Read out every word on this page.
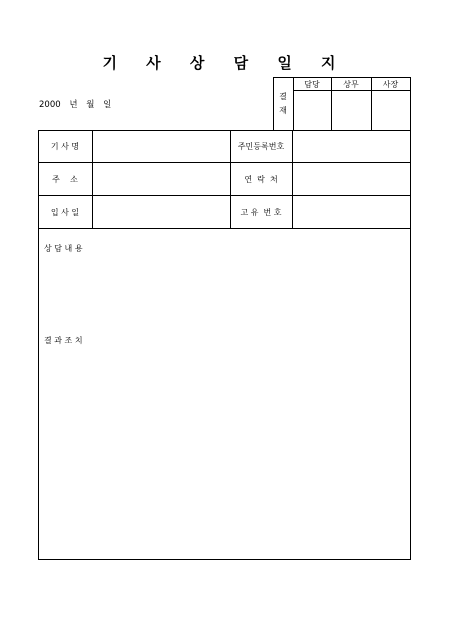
기 사 상 담 일 지
2000 년 월 일
결
재
담당	상무	사장
기 사 명	주민등록번호
주    소	연  락  처
입 사 일	고 유  번 호
상 담 내 용
결 과 조 치
